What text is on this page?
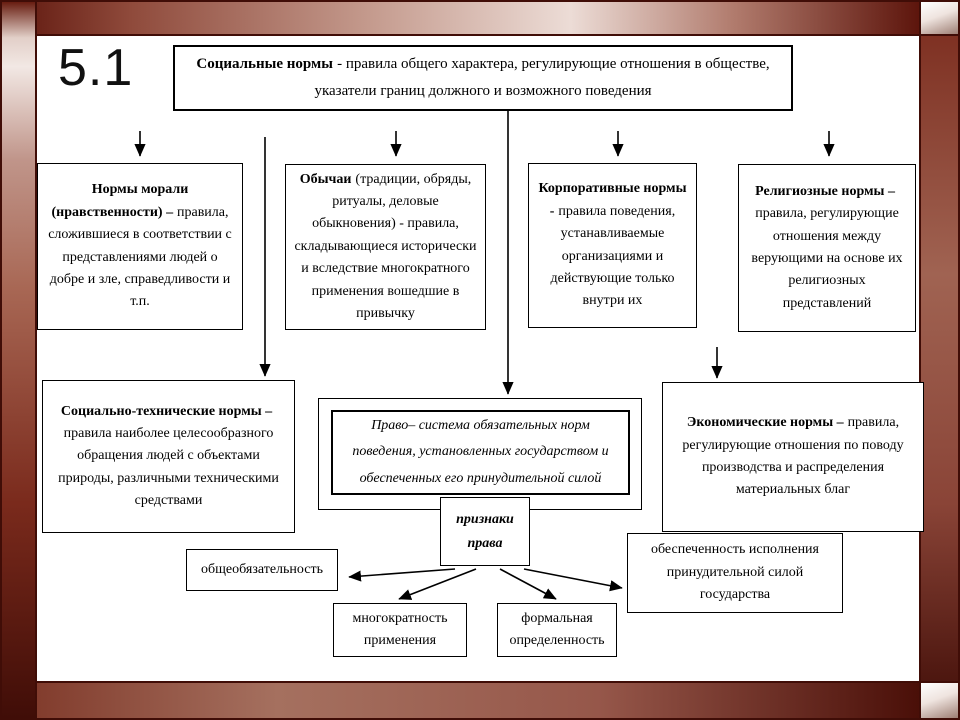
5.1	Социальные нормы - правила общего характера, регулирующие отношения в обществе, указатели границ должного и возможного поведения
Нормы морали (нравственности) – правила, сложившиеся в соответствии с представлениями людей о добре и зле, справедливости и т.п.
Обычаи (традиции, обряды, ритуалы, деловые обыкновения) - правила, складывающиеся исторически и вследствие многократного применения вошедшие в привычку
Корпоративные нормы - правила поведения, устанавливаемые организациями и действующие только внутри их
Религиозные нормы –правила, регулирующие отношения между верующими на основе их религиозных представлений
Социально-технические нормы –правила наиболее целесообразного обращения людей с объектами природы, различными техническими средствами
Право– система обязательных норм поведения, установленных государством и обеспеченных его принудительной силой
Экономические нормы – правила, регулирующие отношения по поводу производства и распределения материальных благ
признаки права
общеобязательность
многократность применения
формальная определенность
обеспеченность исполнения принудительной силой государства
